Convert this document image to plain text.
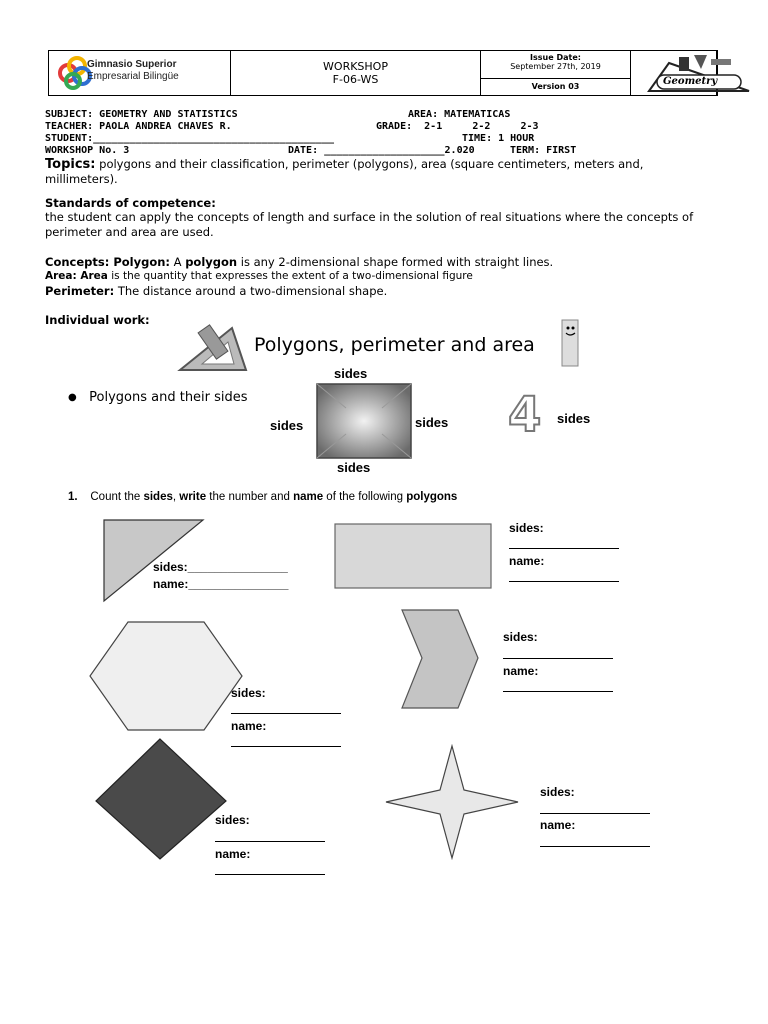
Gimnasio Superior
Empresarial Bilingüe
WORKSHOP
F-06-WS
Issue Date:
September 27th, 2019
Version 03	Geometry
SUBJECT: GEOMETRY AND STATISTICS	AREA: MATEMATICAS
TEACHER: PAOLA ANDREA CHAVES R.	GRADE:  2-1     2-2     2-3
STUDENT:________________________________________	TIME: 1 HOUR
WORKSHOP No. 3	DATE: ____________________2.020	TERM: FIRST
Topics: polygons and their classification, perimeter (polygons), area (square centimeters, meters and, millimeters).
Standards of competence:
the student can apply the concepts of length and surface in the solution of real situations where the concepts of perimeter and area are used.
Concepts: Polygon: A polygon is any 2-dimensional shape formed with straight lines.
Area: Area is the quantity that expresses the extent of a two-dimensional figure
Perimeter: The distance around a two-dimensional shape.
Individual work:
Polygons, perimeter and area
● Polygons and their sides
sides
sides	sides
sides
4 sides
1. Count the sides, write the number and name of the following polygons
sides:_______________
name:_______________
sides:
name:
sides:
name:
sides:
name:
sides:
name:
sides:
name:
